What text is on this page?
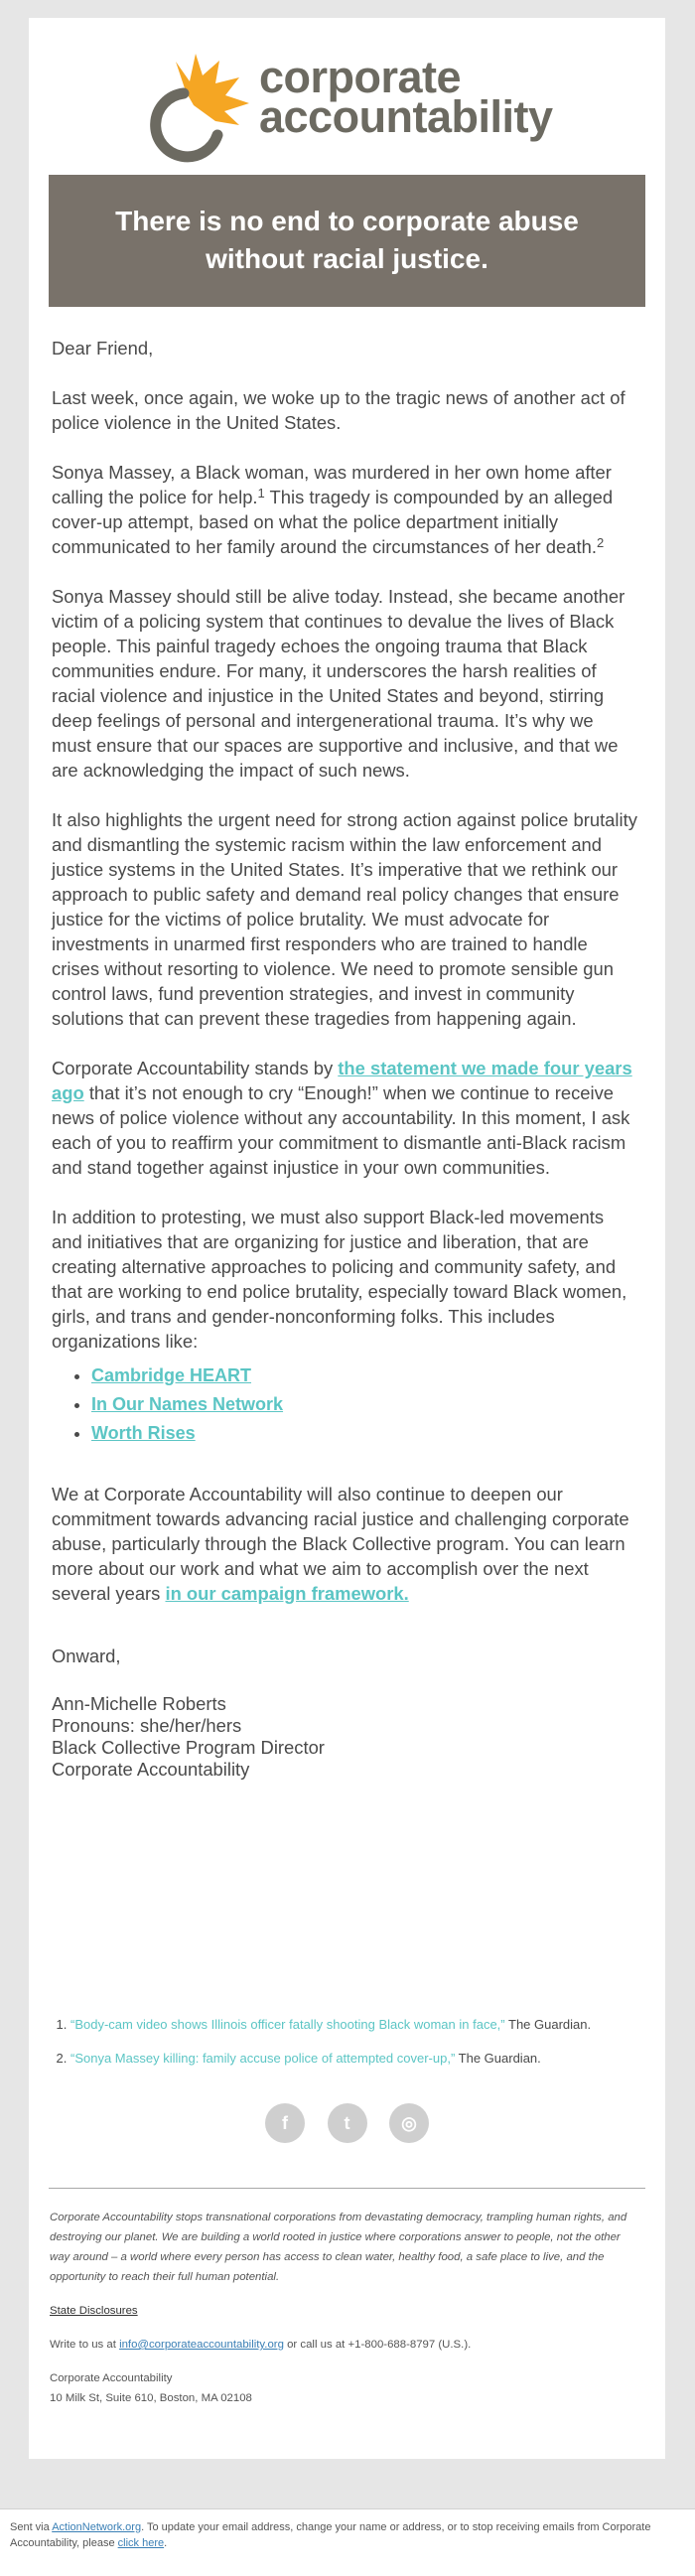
corporate
accountability
There is no end to corporate abuse
without racial justice.

Dear Friend,

Last week, once again, we woke up to the tragic news of another act of police violence in the United States.

Sonya Massey, a Black woman, was murdered in her own home after calling the police for help.$^1$ This tragedy is compounded by an alleged cover-up attempt, based on what the police department initially communicated to her family around the circumstances of her death.$^2$

Sonya Massey should still be alive today. Instead, she became another victim of a policing system that continues to devalue the lives of Black people. This painful tragedy echoes the ongoing trauma that Black communities endure. For many, it underscores the harsh realities of racial violence and injustice in the United States and beyond, stirring deep feelings of personal and intergenerational trauma. It’s why we must ensure that our spaces are supportive and inclusive, and that we are acknowledging the impact of such news.

It also highlights the urgent need for strong action against police brutality and dismantling the systemic racism within the law enforcement and justice systems in the United States. It’s imperative that we rethink our approach to public safety and demand real policy changes that ensure justice for the victims of police brutality. We must advocate for investments in unarmed first responders who are trained to handle crises without resorting to violence. We need to promote sensible gun control laws, fund prevention strategies, and invest in community solutions that can prevent these tragedies from happening again.

Corporate Accountability stands by the statement we made four years ago that it’s not enough to cry “Enough!” when we continue to receive news of police violence without any accountability. In this moment, I ask each of you to reaffirm your commitment to dismantle anti-Black racism and stand together against injustice in your own communities.

In addition to protesting, we must also support Black-led movements and initiatives that are organizing for justice and liberation, that are creating alternative approaches to policing and community safety, and that are working to end police brutality, especially toward Black women, girls, and trans and gender-nonconforming folks. This includes organizations like:

• Cambridge HEART
• In Our Names Network
• Worth Rises

We at Corporate Accountability will also continue to deepen our commitment towards advancing racial justice and challenging corporate abuse, particularly through the Black Collective program. You can learn more about our work and what we aim to accomplish over the next several years in our campaign framework.

Onward,

Ann-Michelle Roberts
Pronouns: she/her/hers
Black Collective Program Director
Corporate Accountability
1. “Body-cam video shows Illinois officer fatally shooting Black woman in face,” The Guardian.
2. “Sonya Massey killing: family accuse police of attempted cover-up,” The Guardian.
f	t	◎

Corporate Accountability stops transnational corporations from devastating democracy, trampling human rights, and destroying our planet. We are building a world rooted in justice where corporations answer to people, not the other way around – a world where every person has access to clean water, healthy food, a safe place to live, and the opportunity to reach their full human potential.

State Disclosures

Write to us at info@corporateaccountability.org or call us at +1-800-688-8797 (U.S.).

Corporate Accountability
10 Milk St, Suite 610, Boston, MA 02108
Sent via ActionNetwork.org. To update your email address, change your name or address, or to stop receiving emails from Corporate Accountability, please click here.
